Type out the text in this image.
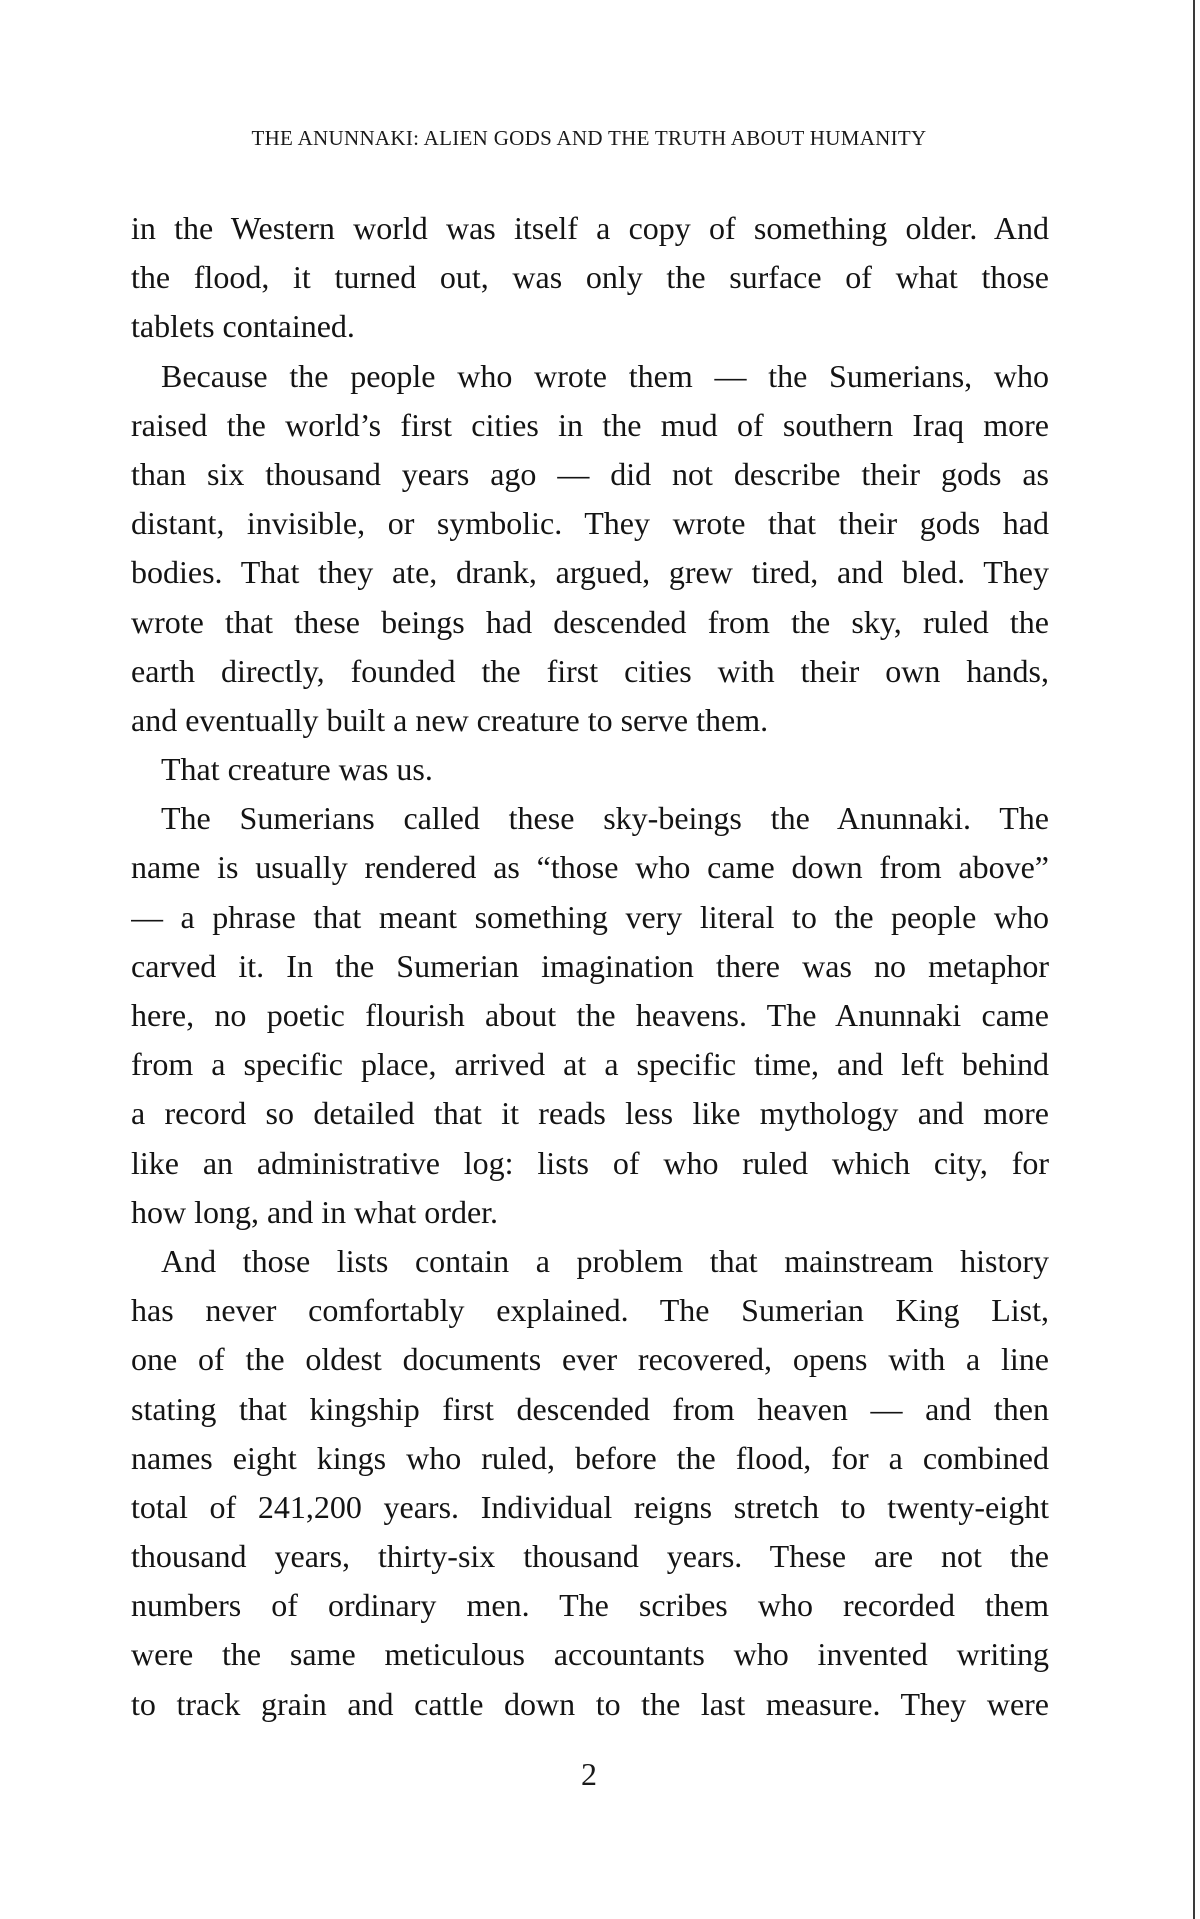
THE ANUNNAKI: ALIEN GODS AND THE TRUTH ABOUT HUMANITY
in the Western world was itself a copy of something older. And
the flood, it turned out, was only the surface of what those
tablets contained.
Because the people who wrote them — the Sumerians, who
raised the world’s first cities in the mud of southern Iraq more
than six thousand years ago — did not describe their gods as
distant, invisible, or symbolic. They wrote that their gods had
bodies. That they ate, drank, argued, grew tired, and bled. They
wrote that these beings had descended from the sky, ruled the
earth directly, founded the first cities with their own hands,
and eventually built a new creature to serve them.
That creature was us.
The Sumerians called these sky-beings the Anunnaki. The
name is usually rendered as “those who came down from above”
— a phrase that meant something very literal to the people who
carved it. In the Sumerian imagination there was no metaphor
here, no poetic flourish about the heavens. The Anunnaki came
from a specific place, arrived at a specific time, and left behind
a record so detailed that it reads less like mythology and more
like an administrative log: lists of who ruled which city, for
how long, and in what order.
And those lists contain a problem that mainstream history
has never comfortably explained. The Sumerian King List,
one of the oldest documents ever recovered, opens with a line
stating that kingship first descended from heaven — and then
names eight kings who ruled, before the flood, for a combined
total of 241,200 years. Individual reigns stretch to twenty-eight
thousand years, thirty-six thousand years. These are not the
numbers of ordinary men. The scribes who recorded them
were the same meticulous accountants who invented writing
to track grain and cattle down to the last measure. They were
2
